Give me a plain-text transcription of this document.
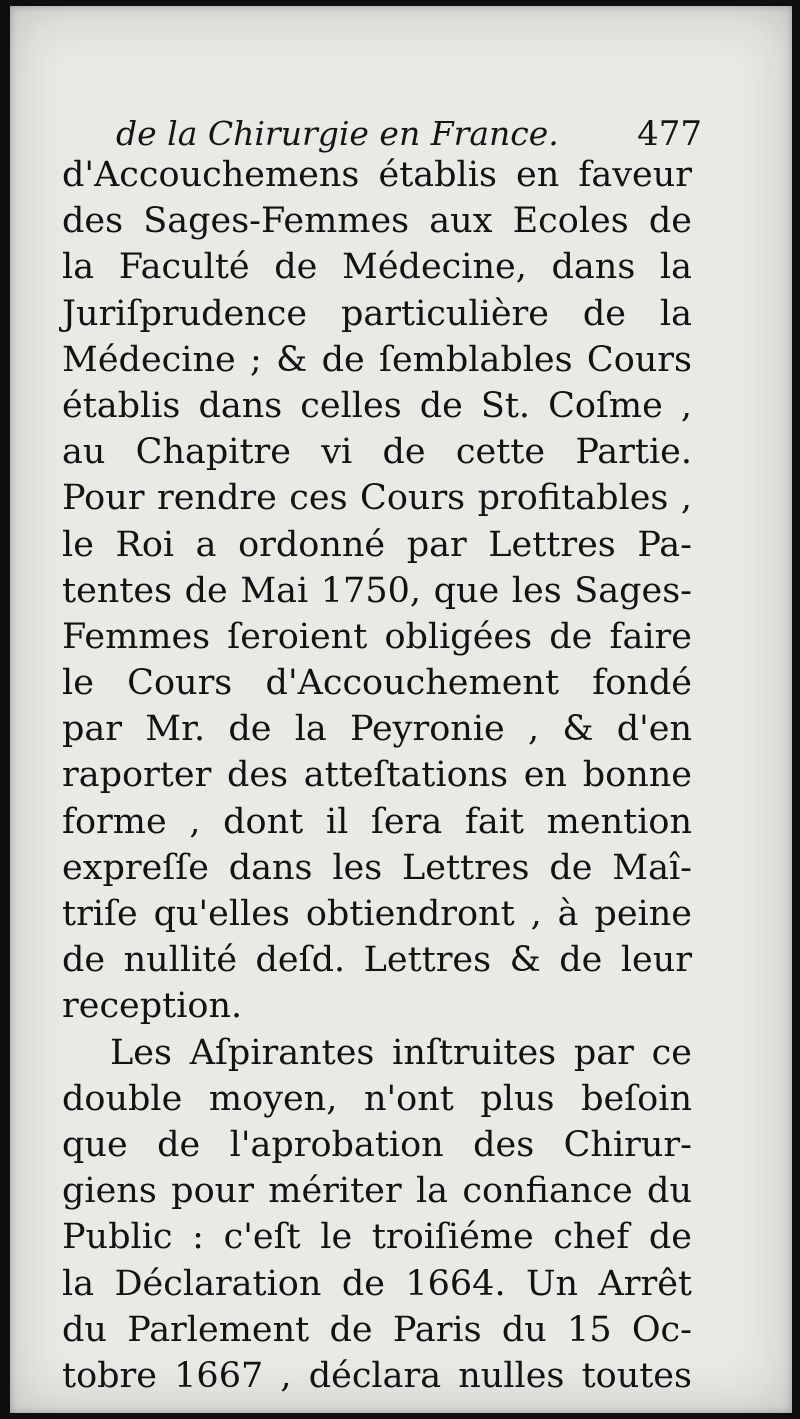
de la Chirurgie en France. 477
d'Accouchemens établis en faveur
des Sages-Femmes aux Ecoles de
la Faculté de Médecine, dans la
Juriſprudence particulière de la
Médecine ; & de ſemblables Cours
établis dans celles de St. Coſme ,
au Chapitre vi de cette Partie.
Pour rendre ces Cours profitables ,
le Roi a ordonné par Lettres Pa-
tentes de Mai 1750, que les Sages-
Femmes ſeroient obligées de faire
le Cours d'Accouchement fondé
par Mr. de la Peyronie , & d'en
raporter des atteſtations en bonne
forme , dont il ſera fait mention
expreſſe dans les Lettres de Maî-
triſe qu'elles obtiendront , à peine
de nullité deſd. Lettres & de leur
reception.
Les Aſpirantes inſtruites par ce
double moyen, n'ont plus beſoin
que de l'aprobation des Chirur-
giens pour mériter la confiance du
Public : c'eſt le troiſiéme chef de
la Déclaration de 1664. Un Arrêt
du Parlement de Paris du 15 Oc-
tobre 1667 , déclara nulles toutes
